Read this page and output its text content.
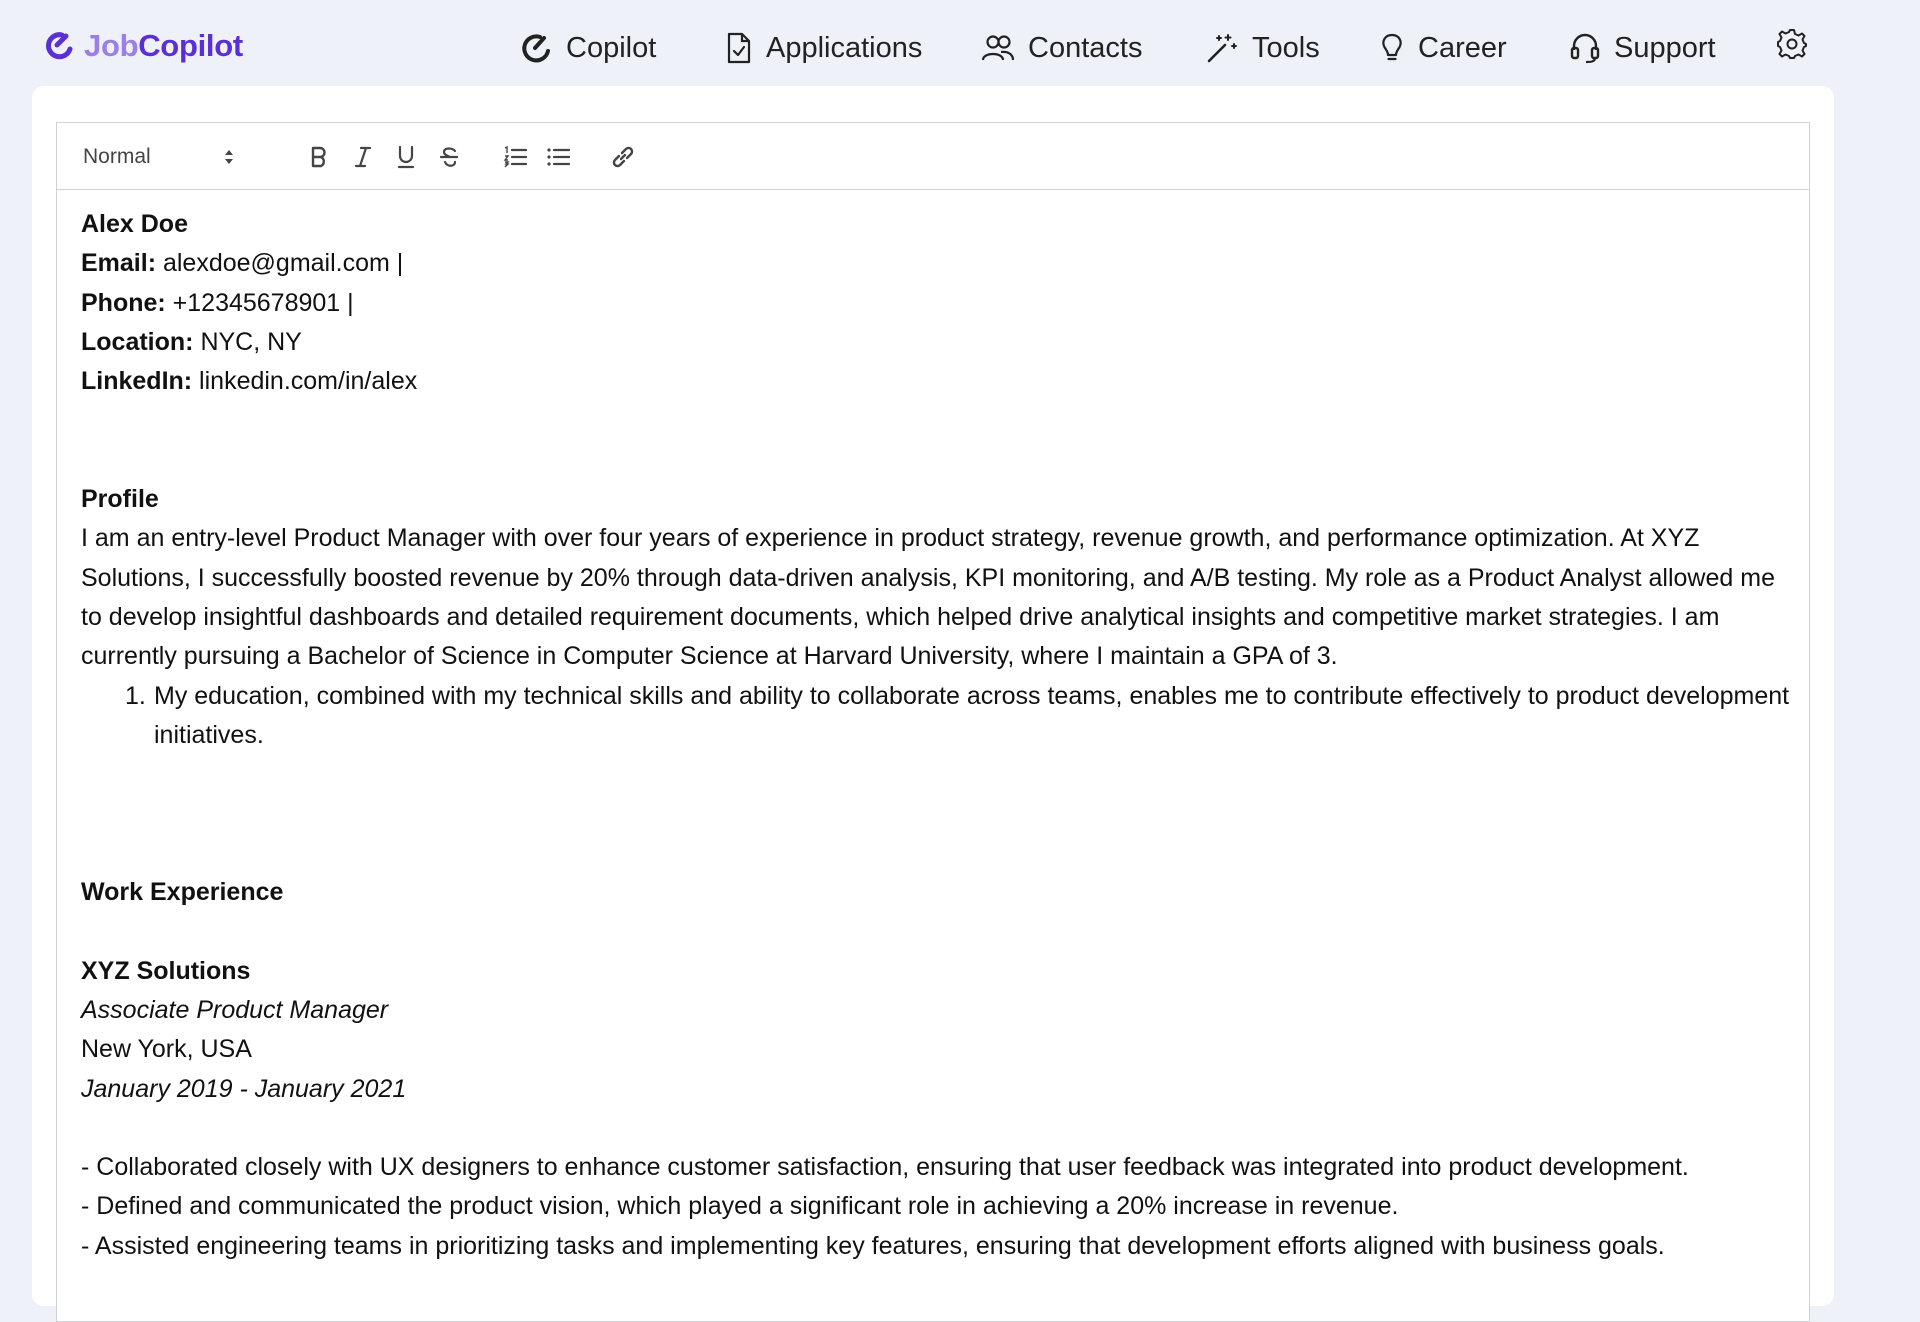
JobCopilot	Copilot	Applications	Contacts	Tools	Career	Support
Normal

Alex Doe

Email: alexdoe@gmail.com |

Phone: +12345678901 |

Location: NYC, NY

LinkedIn: linkedin.com/in/alex

Profile

I am an entry-level Product Manager with over four years of experience in product strategy, revenue growth, and performance optimization. At XYZ Solutions, I successfully boosted revenue by 20% through data-driven analysis, KPI monitoring, and A/B testing. My role as a Product Analyst allowed me to develop insightful dashboards and detailed requirement documents, which helped drive analytical insights and competitive market strategies. I am currently pursuing a Bachelor of Science in Computer Science at Harvard University, where I maintain a GPA of 3.

1. My education, combined with my technical skills and ability to collaborate across teams, enables me to contribute effectively to product development initiatives.

Work Experience

XYZ Solutions

Associate Product Manager

New York, USA

January 2019 - January 2021

- Collaborated closely with UX designers to enhance customer satisfaction, ensuring that user feedback was integrated into product development.

- Defined and communicated the product vision, which played a significant role in achieving a 20% increase in revenue.

- Assisted engineering teams in prioritizing tasks and implementing key features, ensuring that development efforts aligned with business goals.
